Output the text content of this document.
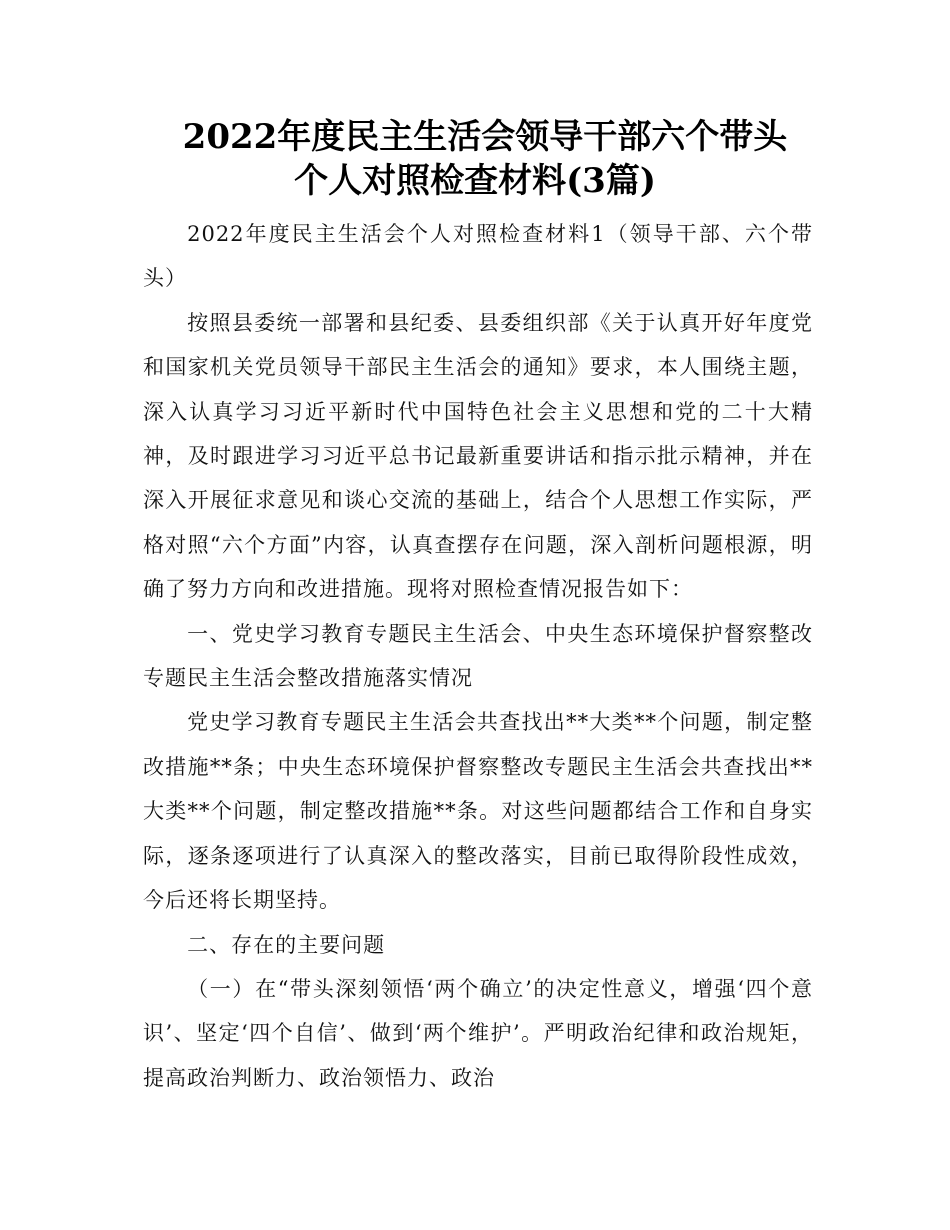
2022年度民主生活会领导干部六个带头
个人对照检查材料(3篇)

2022年度民主生活会个人对照检查材料1（领导干部、六个带头）

按照县委统一部署和县纪委、县委组织部《关于认真开好年度党和国家机关党员领导干部民主生活会的通知》要求，本人围绕主题，深入认真学习习近平新时代中国特色社会主义思想和党的二十大精神，及时跟进学习习近平总书记最新重要讲话和指示批示精神，并在深入开展征求意见和谈心交流的基础上，结合个人思想工作实际，严格对照“六个方面”内容，认真查摆存在问题，深入剖析问题根源，明确了努力方向和改进措施。现将对照检查情况报告如下：

一、党史学习教育专题民主生活会、中央生态环境保护督察整改专题民主生活会整改措施落实情况

党史学习教育专题民主生活会共查找出**大类**个问题，制定整改措施**条；中央生态环境保护督察整改专题民主生活会共查找出**大类**个问题，制定整改措施**条。对这些问题都结合工作和自身实际，逐条逐项进行了认真深入的整改落实，目前已取得阶段性成效，今后还将长期坚持。

二、存在的主要问题

（一）在“带头深刻领悟‘两个确立’的决定性意义，增强‘四个意识’、坚定‘四个自信’、做到‘两个维护’。严明政治纪律和政治规矩，提高政治判断力、政治领悟力、政治
